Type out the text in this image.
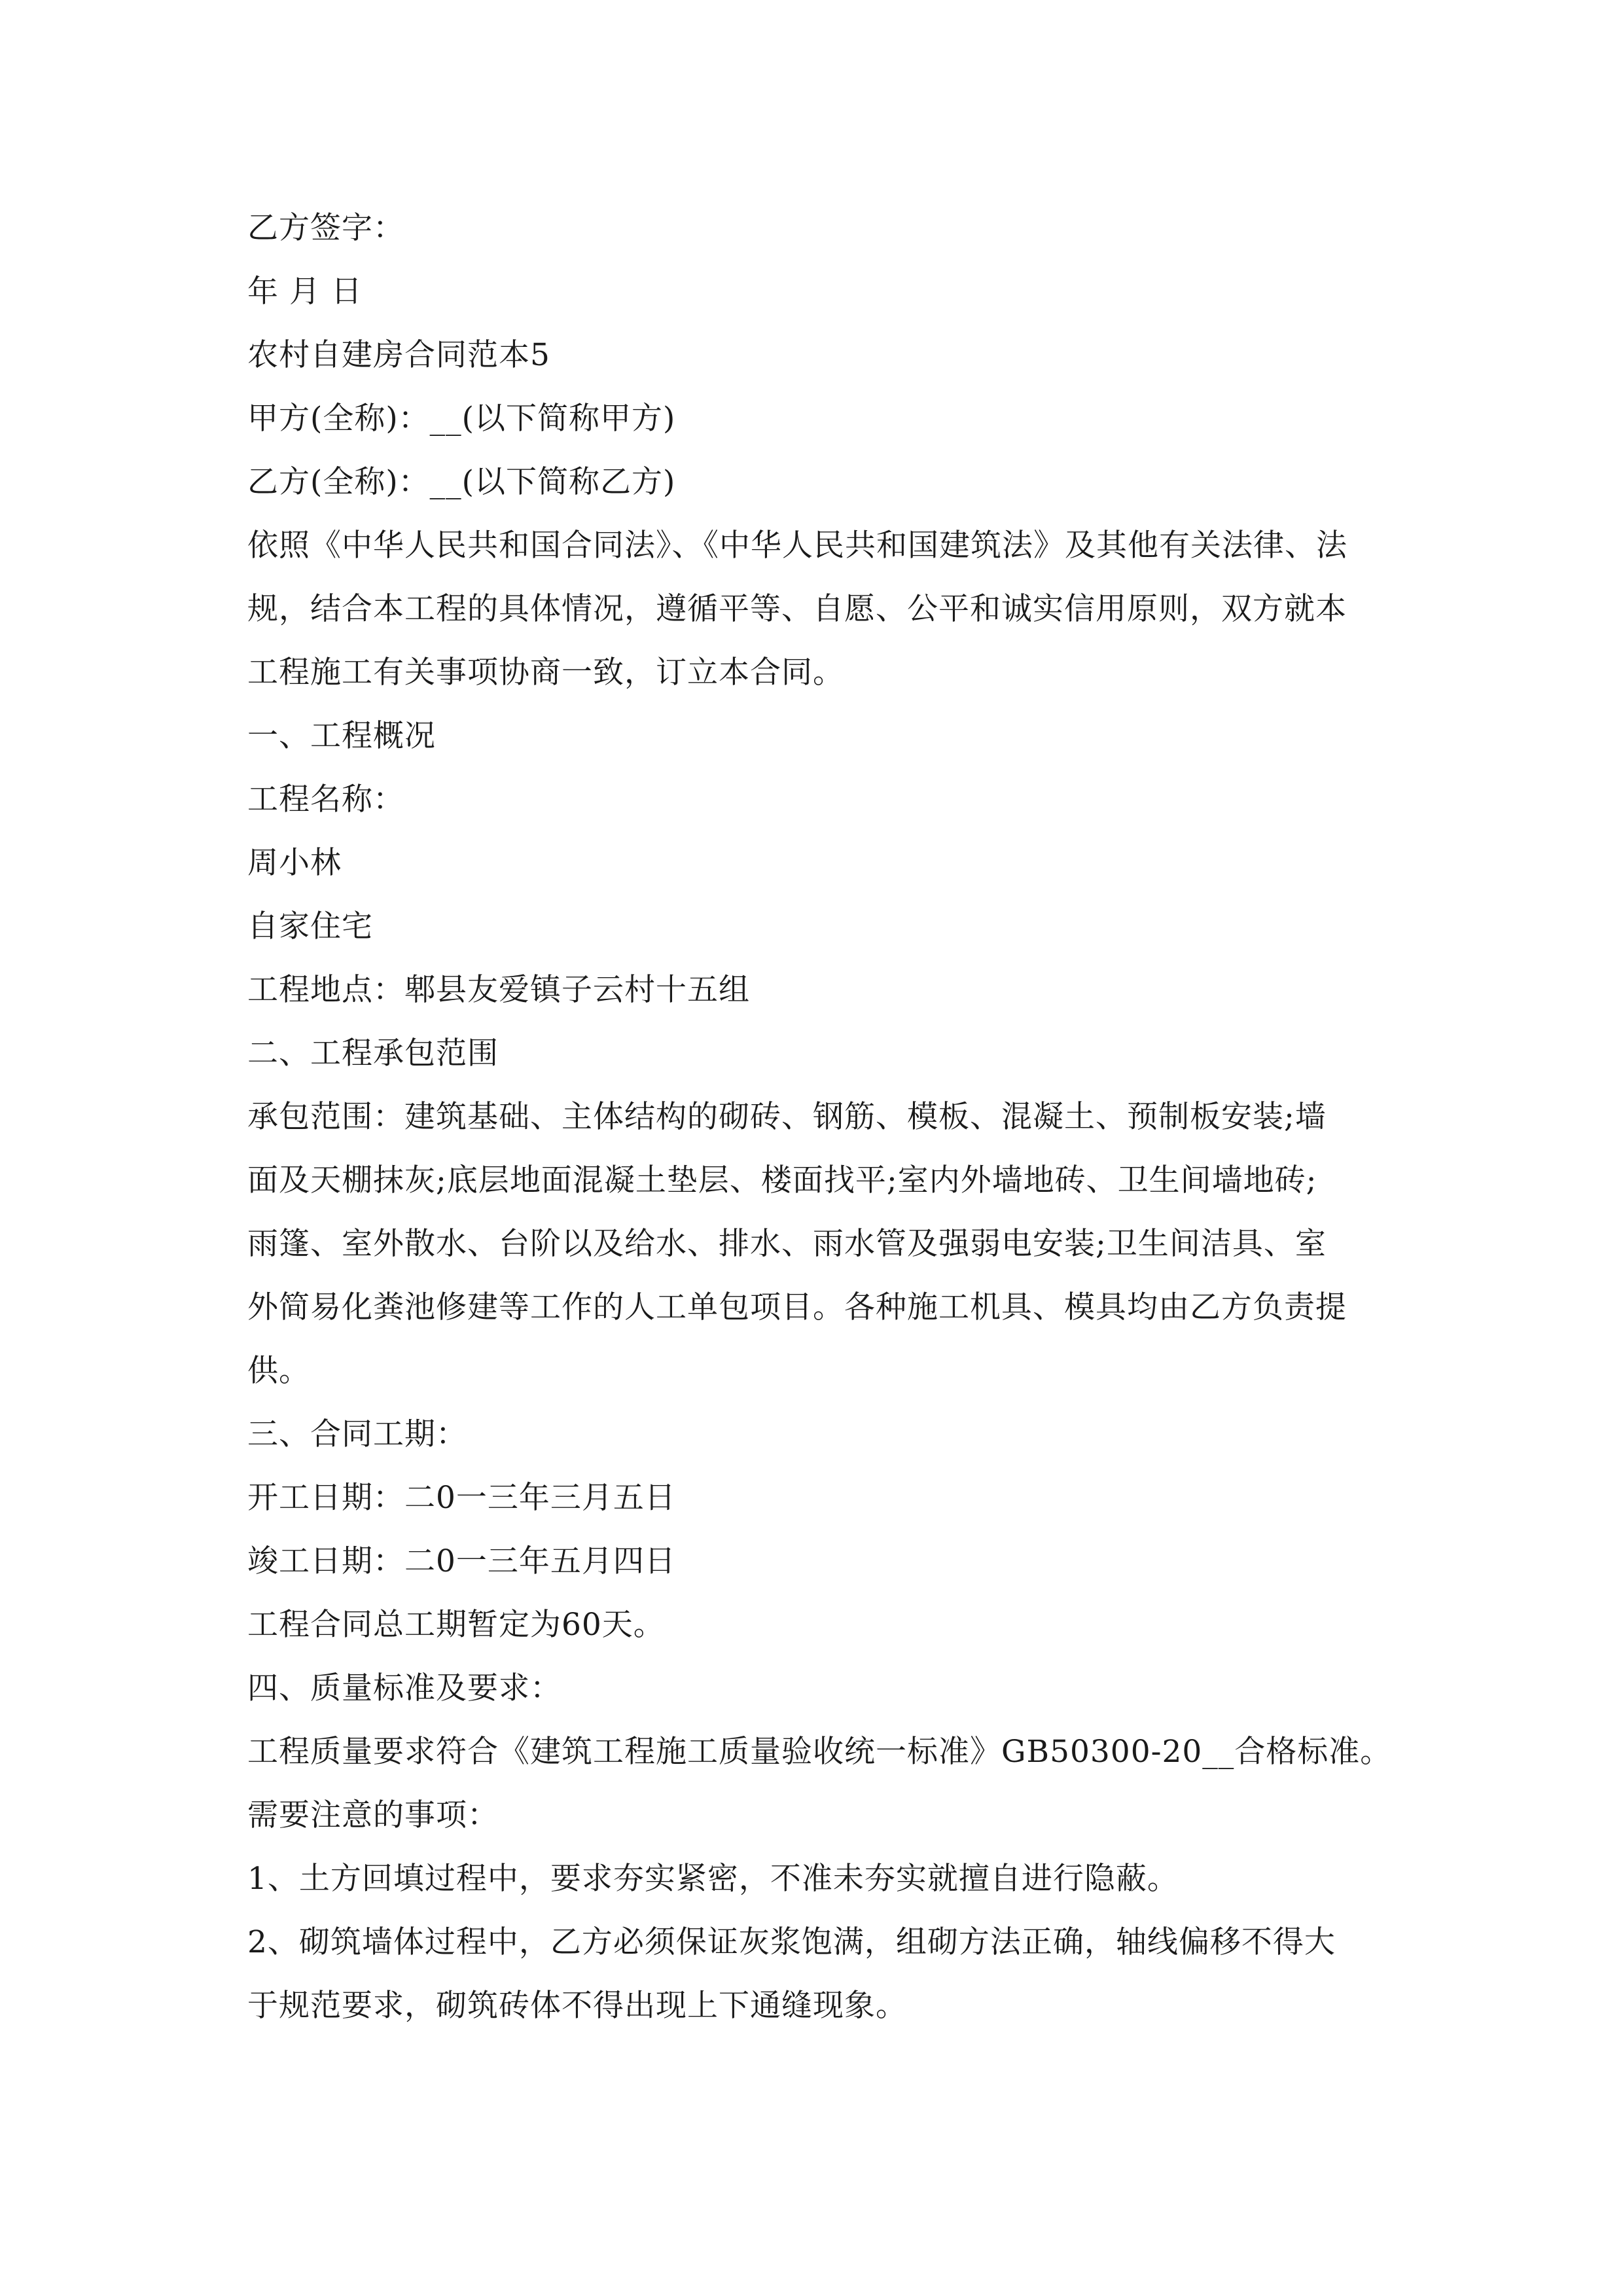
乙方签字：
年 月 日
农村自建房合同范本5
甲方(全称)：__(以下简称甲方)
乙方(全称)：__(以下简称乙方)
依照《中华人民共和国合同法》、《中华人民共和国建筑法》及其他有关法律、法
规，结合本工程的具体情况，遵循平等、自愿、公平和诚实信用原则，双方就本
工程施工有关事项协商一致，订立本合同。
一、工程概况
工程名称：
周小林
自家住宅
工程地点：郫县友爱镇子云村十五组
二、工程承包范围
承包范围：建筑基础、主体结构的砌砖、钢筋、模板、混凝土、预制板安装;墙
面及天棚抹灰;底层地面混凝土垫层、楼面找平;室内外墙地砖、卫生间墙地砖;
雨篷、室外散水、台阶以及给水、排水、雨水管及强弱电安装;卫生间洁具、室
外简易化粪池修建等工作的人工单包项目。各种施工机具、模具均由乙方负责提
供。
三、合同工期：
开工日期：二0一三年三月五日
竣工日期：二0一三年五月四日
工程合同总工期暂定为60天。
四、质量标准及要求：
工程质量要求符合《建筑工程施工质量验收统一标准》GB50300-20__合格标准。
需要注意的事项：
1、土方回填过程中，要求夯实紧密，不准未夯实就擅自进行隐蔽。
2、砌筑墙体过程中，乙方必须保证灰浆饱满，组砌方法正确，轴线偏移不得大
于规范要求，砌筑砖体不得出现上下通缝现象。
